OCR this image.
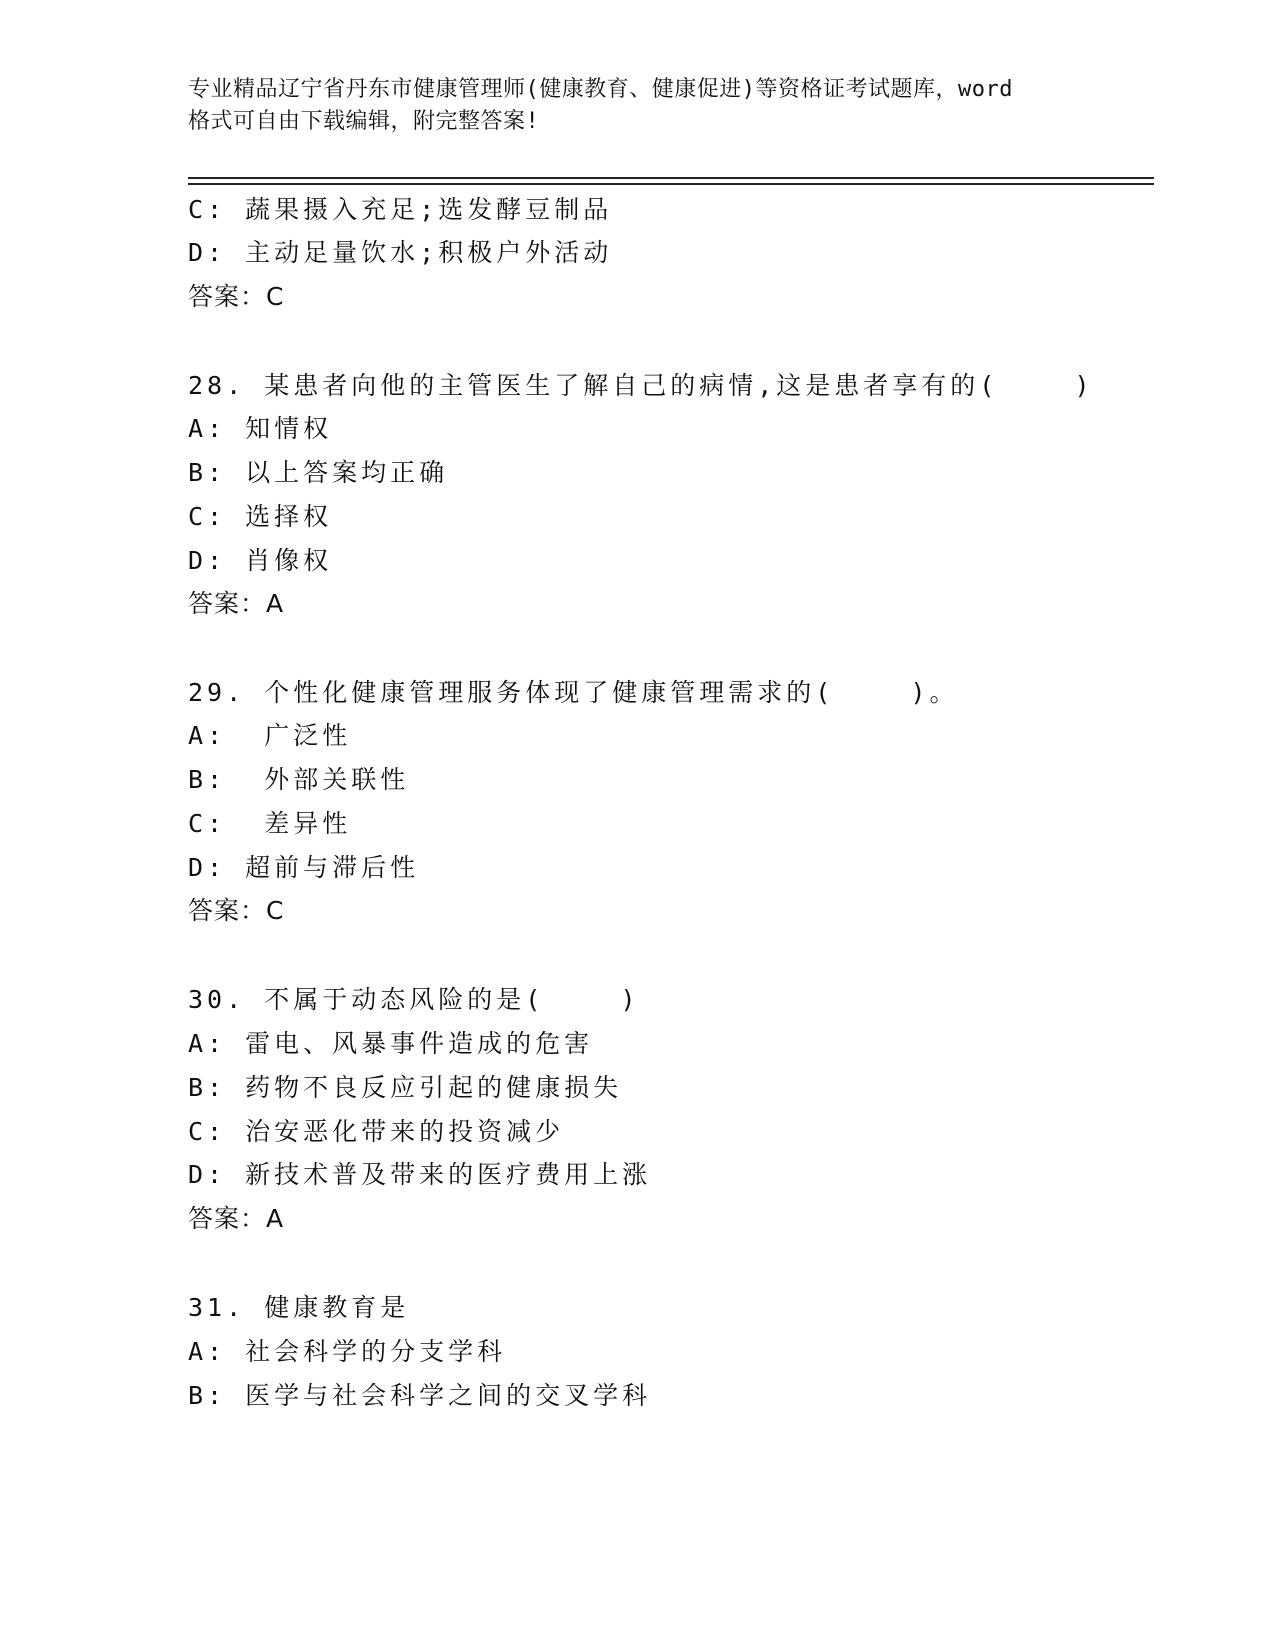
专业精品辽宁省丹东市健康管理师(健康教育、健康促进)等资格证考试题库，word
格式可自由下载编辑，附完整答案!
C: 蔬果摄入充足;选发酵豆制品
D: 主动足量饮水;积极户外活动
答案：C
28. 某患者向他的主管医生了解自己的病情,这是患者享有的(    )
A: 知情权
B: 以上答案均正确
C: 选择权
D: 肖像权
答案：A
29. 个性化健康管理服务体现了健康管理需求的(    )。
A:  广泛性
B:  外部关联性
C:  差异性
D: 超前与滞后性
答案：C
30. 不属于动态风险的是(    )
A: 雷电、风暴事件造成的危害
B: 药物不良反应引起的健康损失
C: 治安恶化带来的投资减少
D: 新技术普及带来的医疗费用上涨
答案：A
31. 健康教育是
A: 社会科学的分支学科
B: 医学与社会科学之间的交叉学科
